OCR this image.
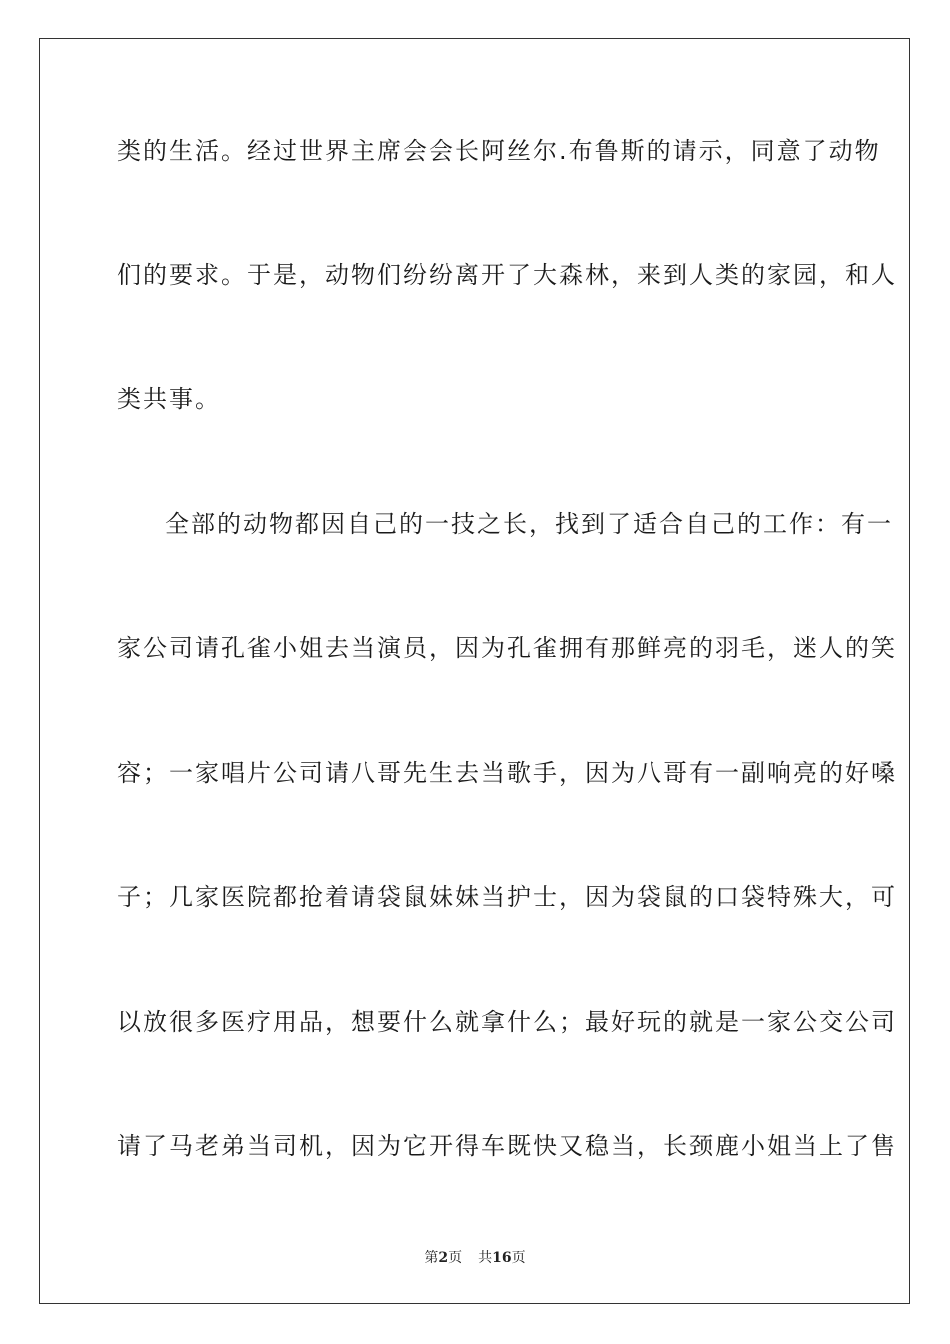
类的生活。经过世界主席会会长阿丝尔.布鲁斯的请示，同意了动物
们的要求。于是，动物们纷纷离开了大森林，来到人类的家园，和人
类共事。
全部的动物都因自己的一技之长，找到了适合自己的工作：有一
家公司请孔雀小姐去当演员，因为孔雀拥有那鲜亮的羽毛，迷人的笑
容；一家唱片公司请八哥先生去当歌手，因为八哥有一副响亮的好嗓
子；几家医院都抢着请袋鼠妹妹当护士，因为袋鼠的口袋特殊大，可
以放很多医疗用品，想要什么就拿什么；最好玩的就是一家公交公司
请了马老弟当司机，因为它开得车既快又稳当，长颈鹿小姐当上了售
第2页 共16页
